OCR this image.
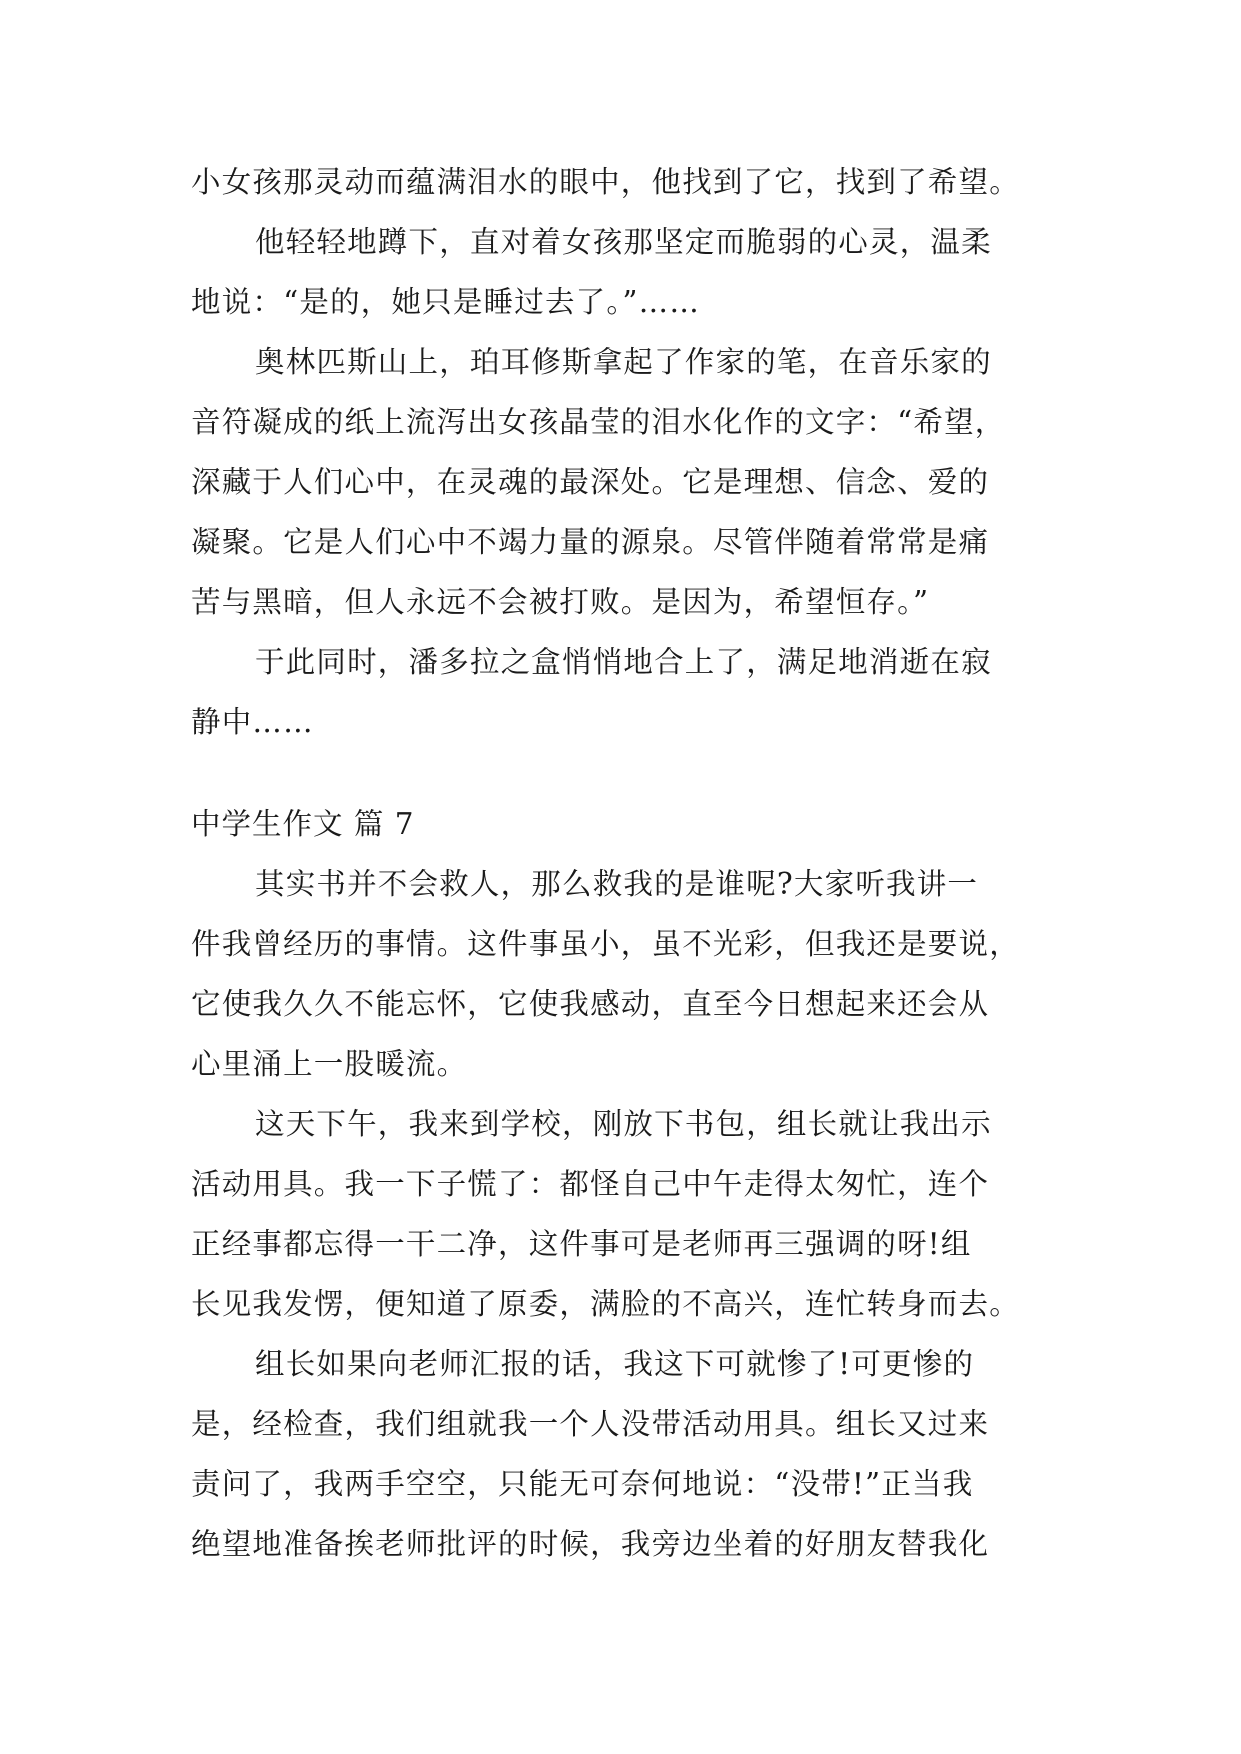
小女孩那灵动而蕴满泪水的眼中，他找到了它，找到了希望。
他轻轻地蹲下，直对着女孩那坚定而脆弱的心灵，温柔
地说：“是的，她只是睡过去了。”……
奥林匹斯山上，珀耳修斯拿起了作家的笔，在音乐家的
音符凝成的纸上流泻出女孩晶莹的泪水化作的文字：“希望，
深藏于人们心中，在灵魂的最深处。它是理想、信念、爱的
凝聚。它是人们心中不竭力量的源泉。尽管伴随着常常是痛
苦与黑暗，但人永远不会被打败。是因为，希望恒存。”
于此同时，潘多拉之盒悄悄地合上了，满足地消逝在寂
静中……
中学生作文 篇 7
其实书并不会救人，那么救我的是谁呢?大家听我讲一
件我曾经历的事情。这件事虽小，虽不光彩，但我还是要说，
它使我久久不能忘怀，它使我感动，直至今日想起来还会从
心里涌上一股暖流。
这天下午，我来到学校，刚放下书包，组长就让我出示
活动用具。我一下子慌了：都怪自己中午走得太匆忙，连个
正经事都忘得一干二净，这件事可是老师再三强调的呀!组
长见我发愣，便知道了原委，满脸的不高兴，连忙转身而去。
组长如果向老师汇报的话，我这下可就惨了!可更惨的
是，经检查，我们组就我一个人没带活动用具。组长又过来
责问了，我两手空空，只能无可奈何地说：“没带!”正当我
绝望地准备挨老师批评的时候，我旁边坐着的好朋友替我化
